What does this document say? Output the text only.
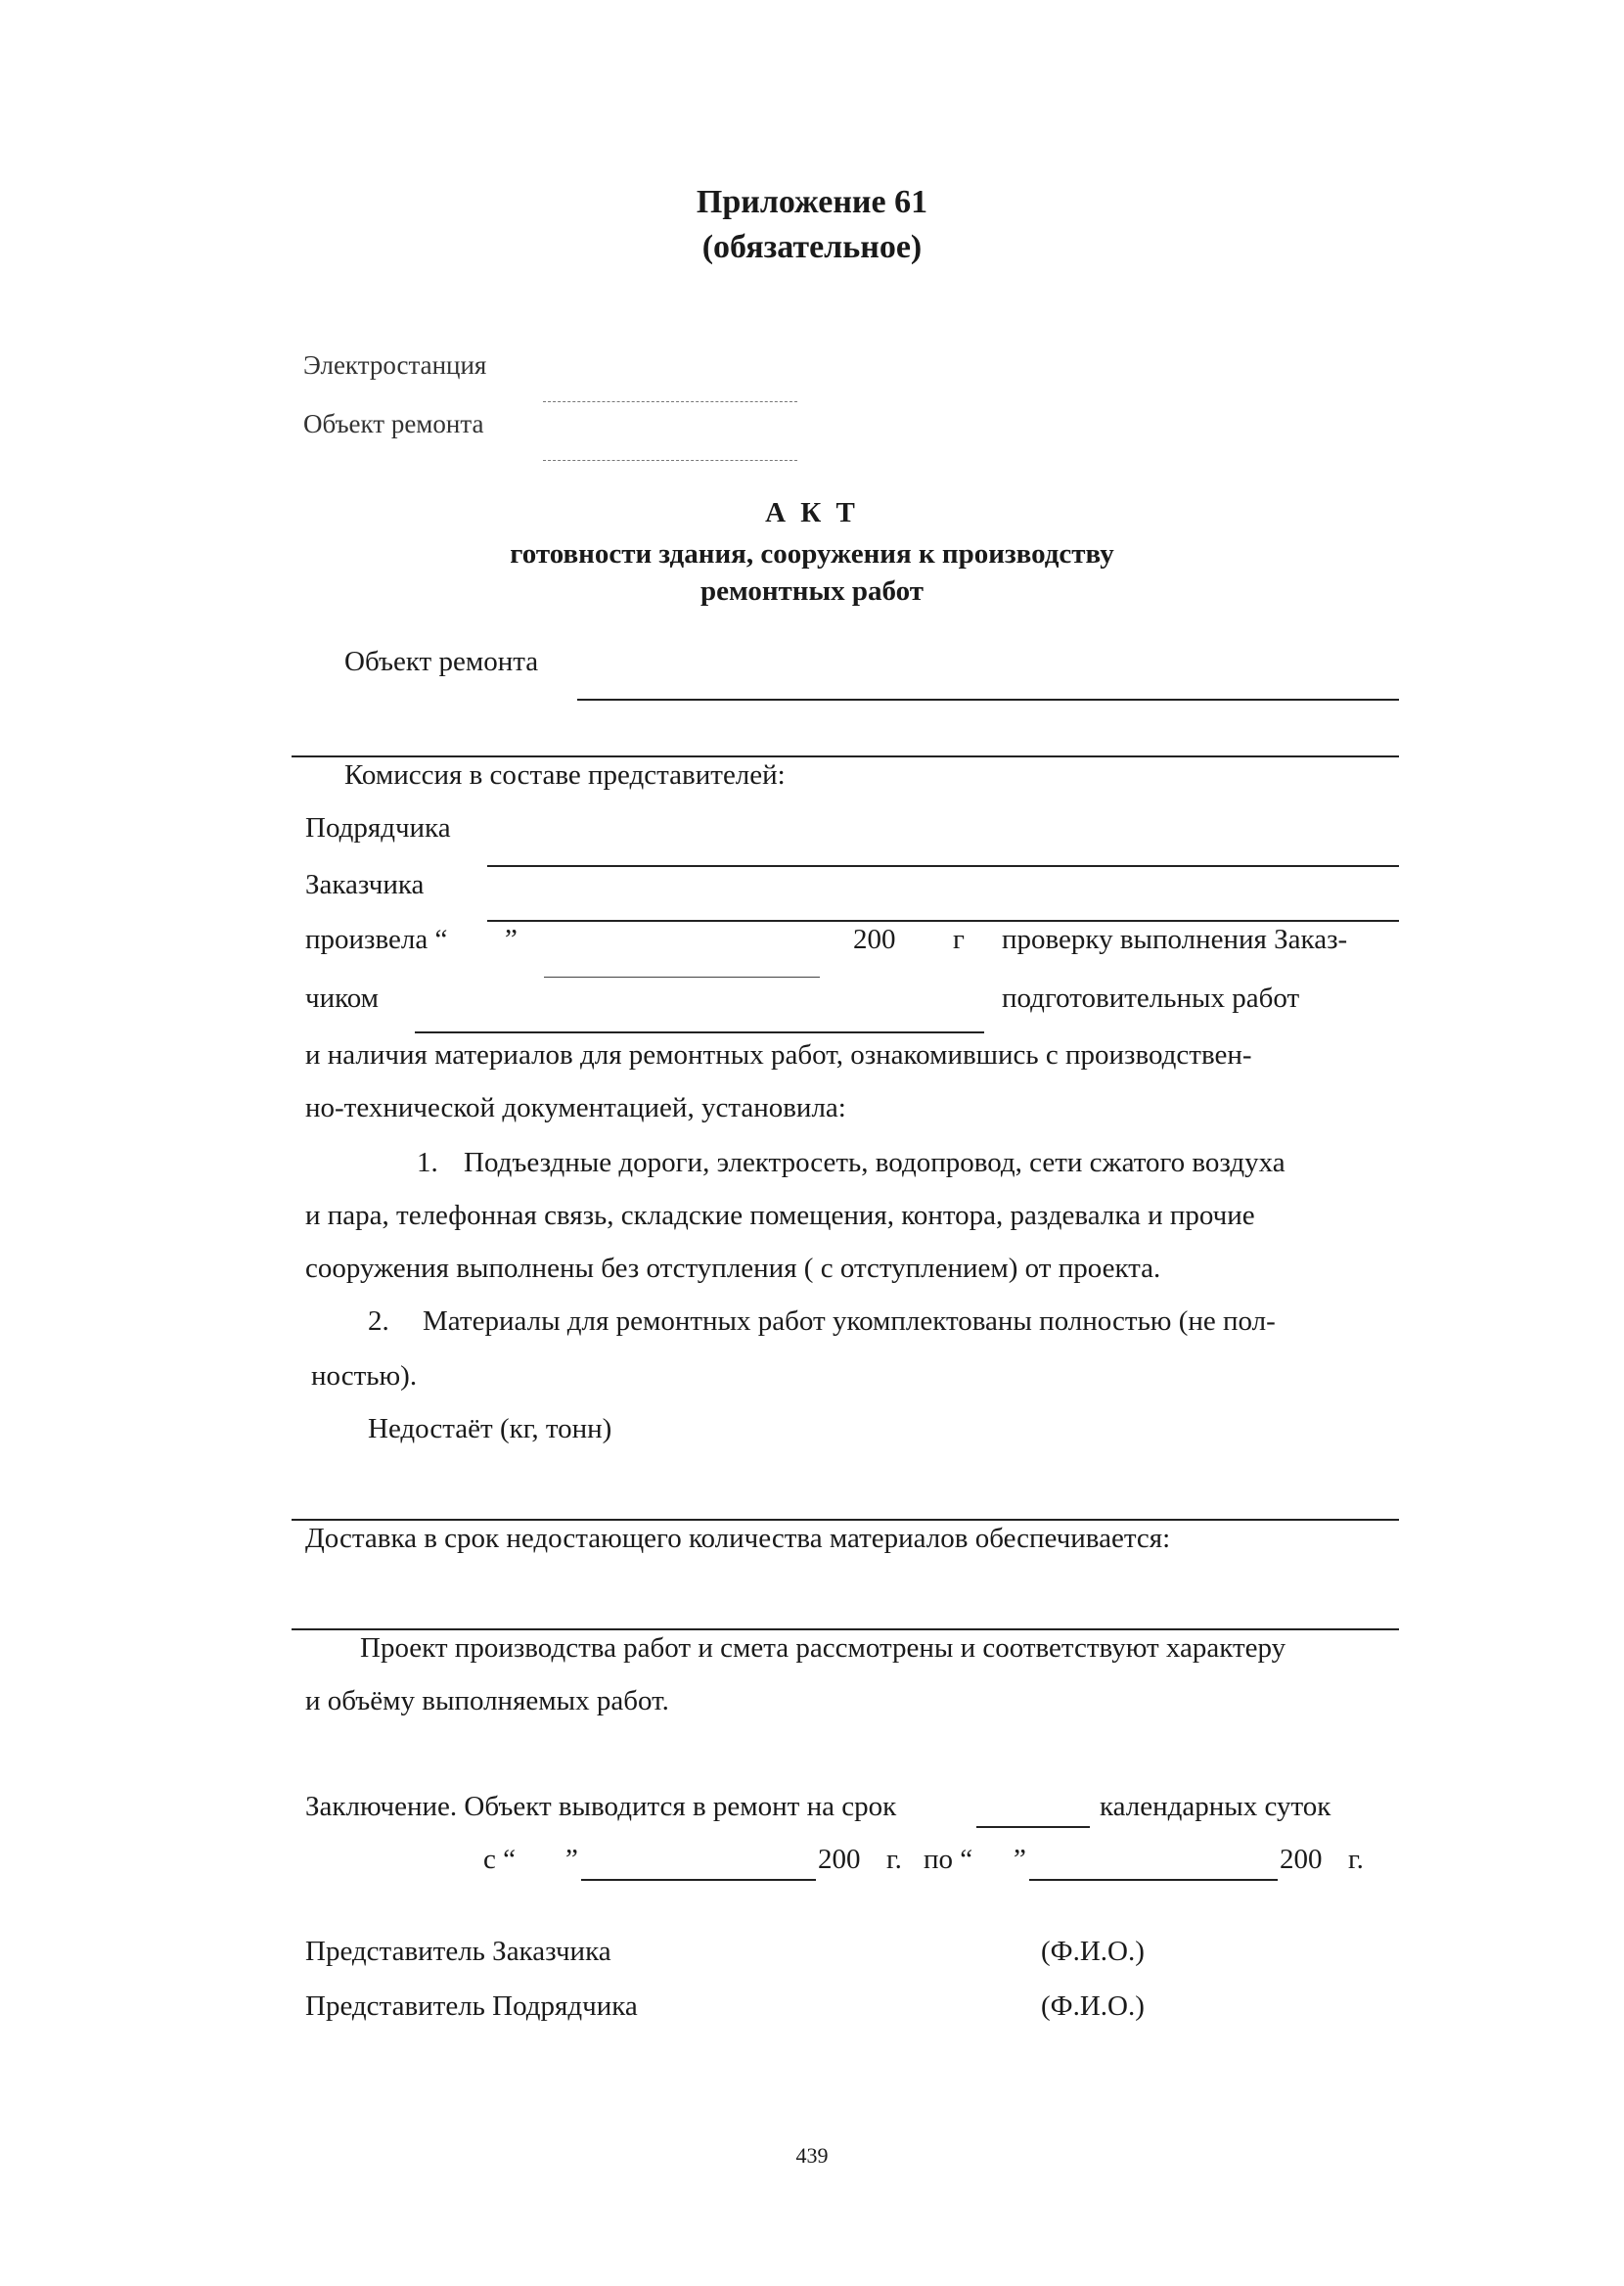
Приложение 61
(обязательное)
Электростанция
Объект ремонта
А К Т
готовности здания, сооружения к производству
ремонтных работ
Объект ремонта
Комиссия в составе представителей:
Подрядчика
Заказчика
произвела “ ”	200 г проверку выполнения Заказ-
чиком	подготовительных работ
и наличия материалов для ремонтных работ, ознакомившись с производствен-
но-технической документацией, установила:
1. Подъездные дороги, электросеть, водопровод, сети сжатого воздуха
и пара, телефонная связь, складские помещения, контора, раздевалка и прочие
сооружения выполнены без отступления ( с отступлением) от проекта.
2. Материалы для ремонтных работ укомплектованы полностью (не пол-
ностью).
Недостаёт (кг, тонн)
Доставка в срок недостающего количества материалов обеспечивается:
Проект производства работ и смета рассмотрены и соответствуют характеру
и объёму выполняемых работ.
Заключение. Объект выводится в ремонт на срок	календарных суток
с “ ”	200 г. по “ ”	200 г.
Представитель Заказчика	(Ф.И.О.)
Представитель Подрядчика	(Ф.И.О.)
439
